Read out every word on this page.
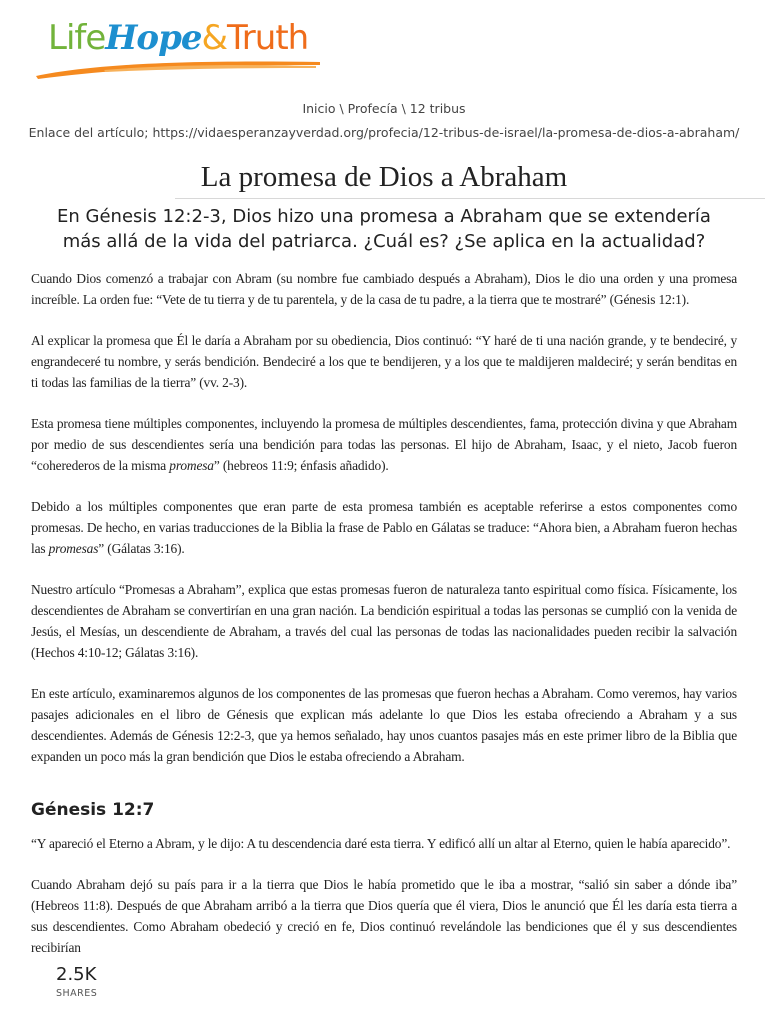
LifeHope&Truth
Inicio \ Profecía \ 12 tribus
Enlace del artículo; https://vidaesperanzayverdad.org/profecia/12-tribus-de-israel/la-promesa-de-dios-a-abraham/
La promesa de Dios a Abraham
En Génesis 12:2-3, Dios hizo una promesa a Abraham que se extendería más allá de la vida del patriarca. ¿Cuál es? ¿Se aplica en la actualidad?

Cuando Dios comenzó a trabajar con Abram (su nombre fue cambiado después a Abraham), Dios le dio una orden y una promesa increíble. La orden fue: “Vete de tu tierra y de tu parentela, y de la casa de tu padre, a la tierra que te mostraré” (Génesis 12:1).

Al explicar la promesa que Él le daría a Abraham por su obediencia, Dios continuó: “Y haré de ti una nación grande, y te bendeciré, y engrandeceré tu nombre, y serás bendición. Bendeciré a los que te bendijeren, y a los que te maldijeren maldeciré; y serán benditas en ti todas las familias de la tierra” (vv. 2-3).

Esta promesa tiene múltiples componentes, incluyendo la promesa de múltiples descendientes, fama, protección divina y que Abraham por medio de sus descendientes sería una bendición para todas las personas. El hijo de Abraham, Isaac, y el nieto, Jacob fueron “coherederos de la misma promesa” (hebreos 11:9; énfasis añadido).

Debido a los múltiples componentes que eran parte de esta promesa también es aceptable referirse a estos componentes como promesas. De hecho, en varias traducciones de la Biblia la frase de Pablo en Gálatas se traduce: “Ahora bien, a Abraham fueron hechas las promesas” (Gálatas 3:16).

Nuestro artículo “Promesas a Abraham”, explica que estas promesas fueron de naturaleza tanto espiritual como física. Físicamente, los descendientes de Abraham se convertirían en una gran nación. La bendición espiritual a todas las personas se cumplió con la venida de Jesús, el Mesías, un descendiente de Abraham, a través del cual las personas de todas las nacionalidades pueden recibir la salvación (Hechos 4:10-12; Gálatas 3:16).

En este artículo, examinaremos algunos de los componentes de las promesas que fueron hechas a Abraham. Como veremos, hay varios pasajes adicionales en el libro de Génesis que explican más adelante lo que Dios les estaba ofreciendo a Abraham y a sus descendientes. Además de Génesis 12:2-3, que ya hemos señalado, hay unos cuantos pasajes más en este primer libro de la Biblia que expanden un poco más la gran bendición que Dios le estaba ofreciendo a Abraham.

Génesis 12:7

“Y apareció el Eterno a Abram, y le dijo: A tu descendencia daré esta tierra. Y edificó allí un altar al Eterno, quien le había aparecido”.

Cuando Abraham dejó su país para ir a la tierra que Dios le había prometido que le iba a mostrar, “salió sin saber a dónde iba” (Hebreos 11:8). Después de que Abraham arribó a la tierra que Dios quería que él viera, Dios le anunció que Él les daría esta tierra a sus descendientes. Como Abraham obedeció y creció en fe, Dios continuó revelándole las bendiciones que él y sus descendientes recibirían

2.5K
SHARES
